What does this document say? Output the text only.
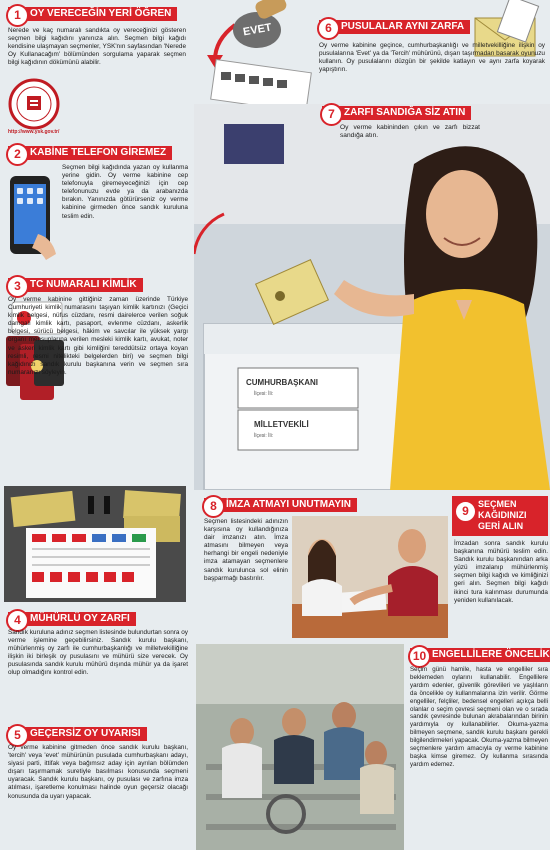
1 OY VERECEĞİN YERİ ÖĞREN
Nerede ve kaç numaralı sandıkta oy vereceğinizi gösteren seçmen bilgi kağıdını yanınıza alın. Seçmen bilgi kağıdı kendisine ulaşmayan seçmenler, YSK'nın sayfasından 'Nerede Oy Kullanacağım' bölümünden sorgulama yaparak seçmen bilgi kağıdının dökümünü alabilir.
http://www.ysk.gov.tr/
EVET	6 PUSULALAR AYNI ZARFA
Oy verme kabinine geçince, cumhurbaşkanlığı ve milletvekilliğine ilişkin oy pusulalarına 'Evet' ya da 'Tercih' mühürünü, dışarı taşırmadan basarak oyunuzu kullanın. Oy pusulalarını düzgün bir şekilde katlayın ve aynı zarfa koyarak yapıştırın.
2 KABİNE TELEFON GİREMEZ
Seçmen bilgi kağıdında yazan oy kullanma yerine gidin. Oy verme kabinine cep telefonuyla giremeyeceğinizi için cep telefonunuzu evde ya da arabanızda bırakın. Yanınızda götürürseniz oy verme kabinine girmeden önce sandık kuruluna teslim edin.
3 TC NUMARALI KİMLİK
Oy verme kabinine gittiğiniz zaman üzerinde Türkiye Cumhuriyeti kimlik numarasını taşıyan kimlik kartınızı (Geçici kimlik belgesi, nüfus cüzdanı, resmi dairelerce verilen soğuk damgalı kimlik kartı, pasaport, evlenme cüzdanı, askerlik belgesi, sürücü belgesi, hâkim ve savcılar ile yüksek yargı organı mensuplarına verilen mesleki kimlik kartı, avukat, noter ve askeri kimlik kartı gibi kimliğini tereddütsüz ortaya koyan resimli, resmi nitelikteki belgelerden biri) ve seçmen bilgi kağıdınızı sandık kurulu başkanına verin ve seçmen sıra numaranızı söyleyin.
4 MÜHÜRLÜ OY ZARFI
Sandık kuruluna adınız seçmen listesinde bulundurtan sonra oy verme işlemine geçebilirsiniz. Sandık kurulu başkanı, mühürlenmiş oy zarfı ile cumhurbaşkanlığı ve milletvekilliğine ilişkin iki birleşik oy pusulasını ve mühürü size verecek. Oy pusulasında sandık kurulu mühürü dışında mühür ya da işaret olup olmadığını kontrol edin.
5 GEÇERSİZ OY UYARISI
Oy verme kabinine gitmeden önce sandık kurulu başkanı, 'tercih' veya 'evet' mühürünün pusulada cumhurbaşkanı adayı, siyasi parti, ittifak veya bağımsız aday için ayrılan bölümden dışarı taşırmamak suretiyle basılması konusunda seçmeni uyaracak. Sandık kurulu başkanı, oy pusulası ve zarfına imza atılması, işaretleme konulması halinde oyun geçersiz olacağı konusunda da uyarı yapacak.
CUMHURBAŞKANI
İlçesi: İli:
MİLLETVEKİLİ
İlçesi: İli:
7 ZARFI SANDIĞA SİZ ATIN
Oy verme kabininden çıkın ve zarfı bizzat sandığa atın.
8 İMZA ATMAYI UNUTMAYIN
Seçmen listesindeki adınızın karşısına oy kullandığınıza dair imzanızı atın. İmza atmasını bilmeyen veya herhangi bir engeli nedeniyle imza atamayan seçmenlere sandık kurulunca sol elinin başparmağı bastırılır.
9	SEÇMEN KAĞIDINIZI GERİ ALIN
İmzadan sonra sandık kurulu başkanına mühürü teslim edin. Sandık kurulu başkanından arka yüzü imzalanıp mühürlenmiş seçmen bilgi kağıdı ve kimliğinizi geri alın. Seçmen bilgi kağıdı ikinci tura kalınması durumunda yeniden kullanılacak.
10 ENGELLİLERE ÖNCELİK
Seçim günü hamile, hasta ve engelliler sıra beklemeden oylarını kullanabilir. Engellilere yardım edenler, güvenlik görevlileri ve yaşlıların da öncelikle oy kullanmalarına izin verilir. Görme engelliler, felçliler, bedensel engelleri açıkça belli olanlar o seçim çevresi seçmeni olan ve o sırada sandık çevresinde bulunan akrabalarından birinin yardımıyla oy kullanabilirler. Okuma-yazma bilmeyen seçmene, sandık kurulu başkanı gerekli bilgilendirmeleri yapacak. Okuma-yazma bilmeyen seçmenlere yardım amacıyla oy verme kabinine başka kimse giremez. Oy kullanma sırasında yardım edemez.
